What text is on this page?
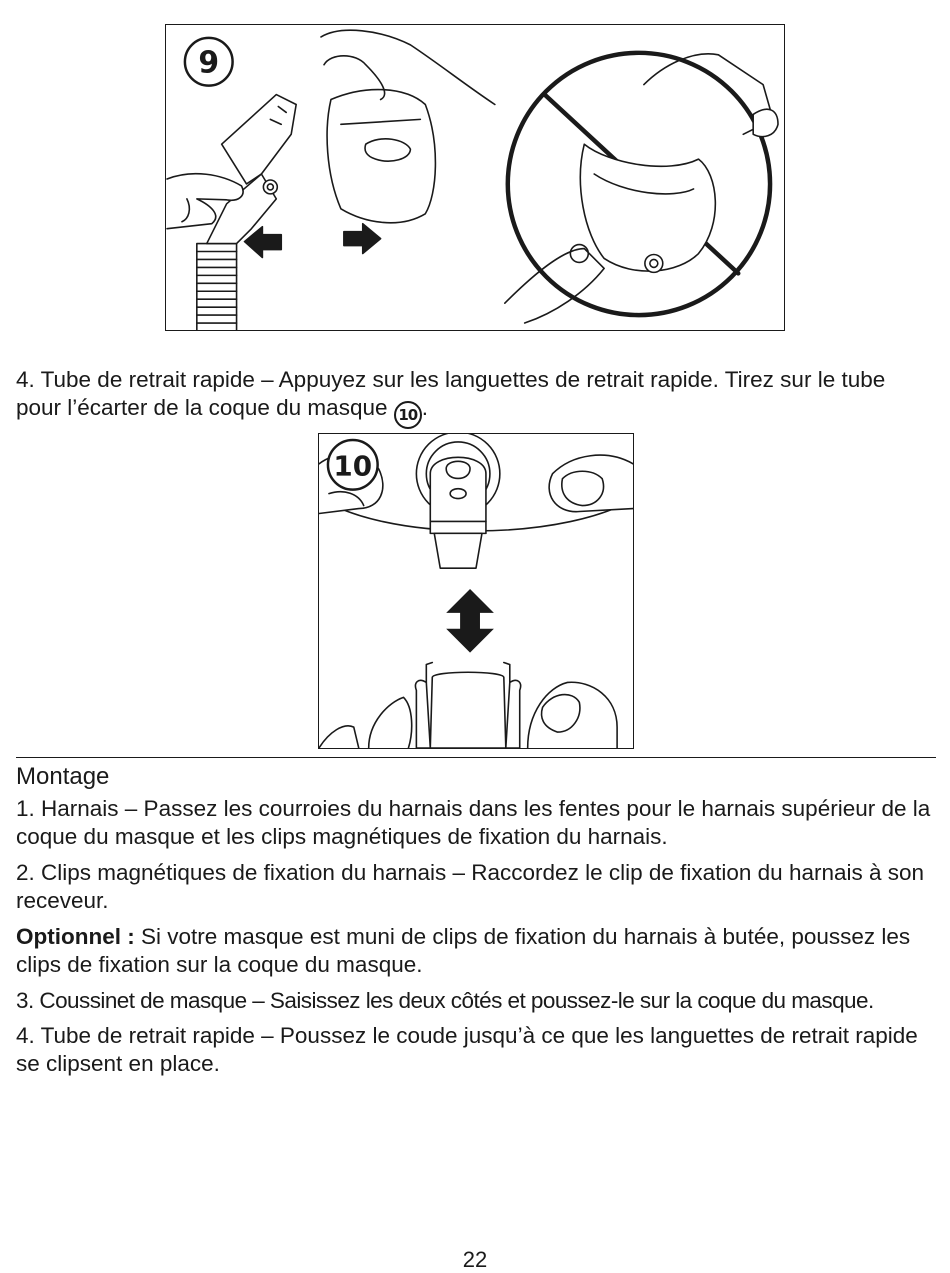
9

4. Tube de retrait rapide – Appuyez sur les languettes de retrait rapide. Tirez sur le tube pour l’écarter de la coque du masque 10 .

10
Montage

1. Harnais – Passez les courroies du harnais dans les fentes pour le harnais supérieur de la coque du masque et les clips magnétiques de fixation du harnais.

2. Clips magnétiques de fixation du harnais – Raccordez le clip de fixation du harnais à son receveur.

Optionnel : Si votre masque est muni de clips de fixation du harnais à butée, poussez les clips de fixation sur la coque du masque.

3. Coussinet de masque – Saisissez les deux côtés et poussez-le sur la coque du masque.

4. Tube de retrait rapide – Poussez le coude jusqu’à ce que les languettes de retrait rapide se clipsent en place.

22
